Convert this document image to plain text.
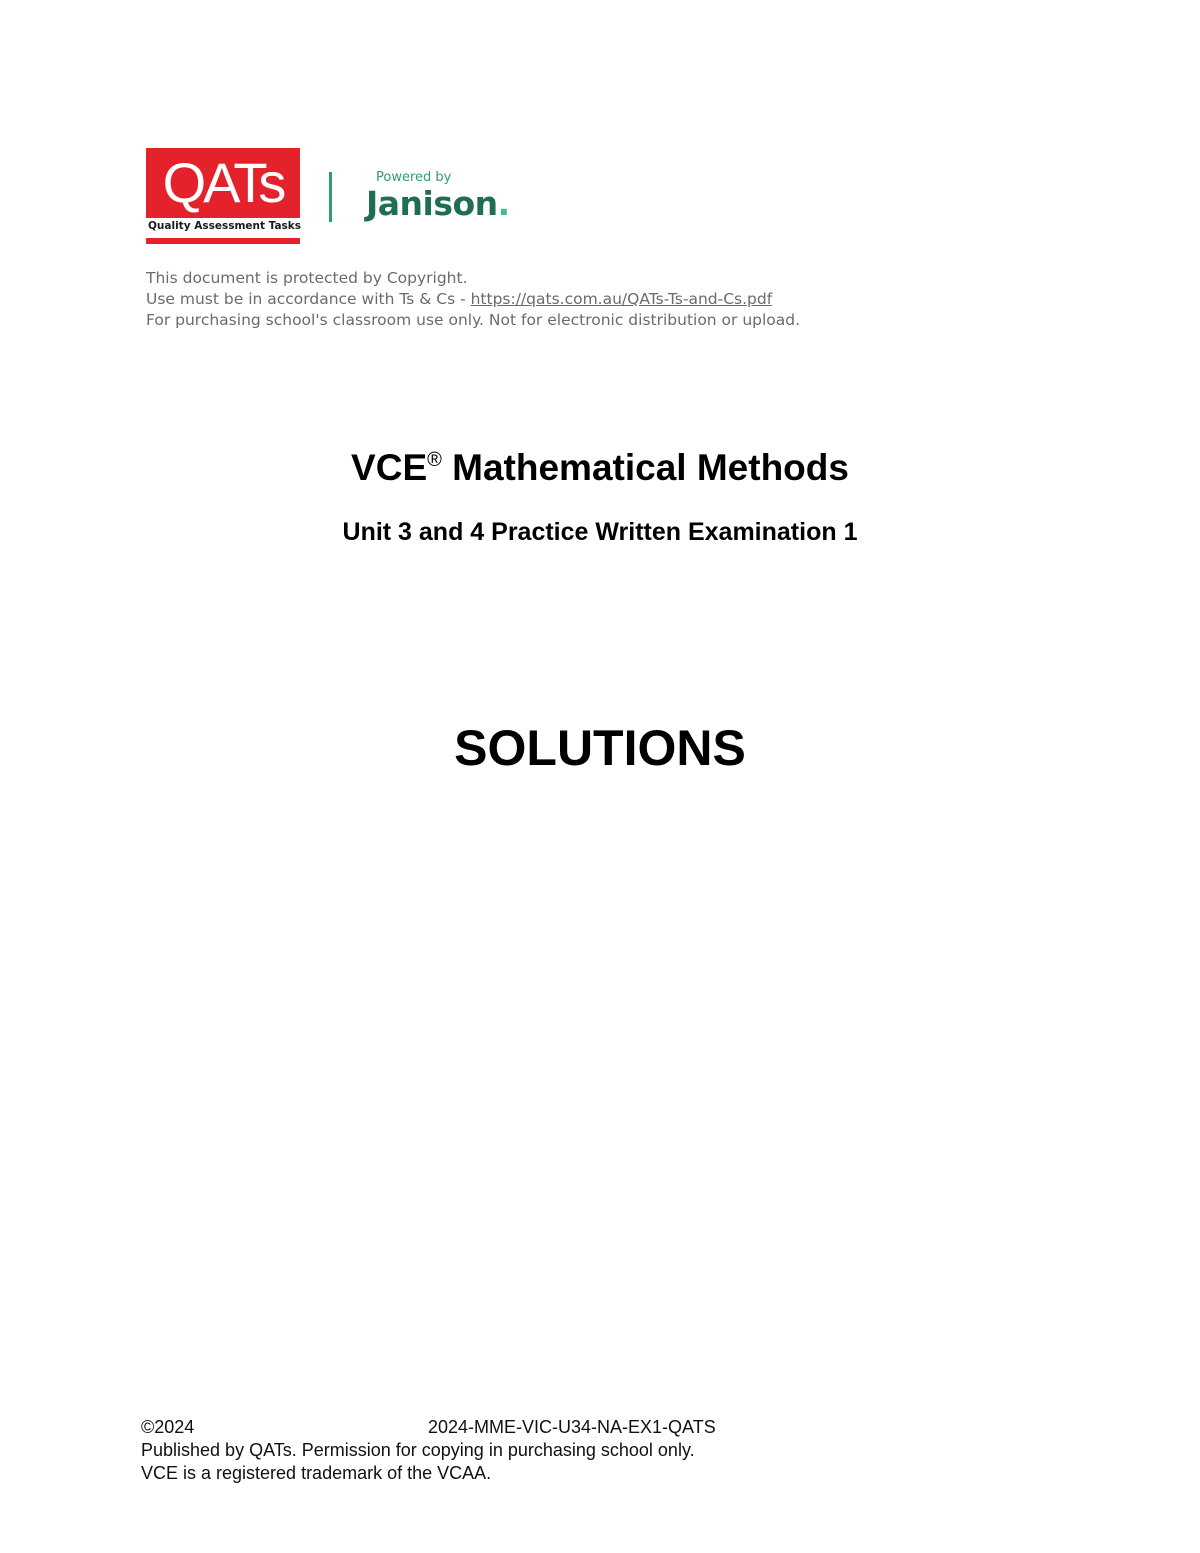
QATs
Quality Assessment Tasks
Powered by
Janison.
This document is protected by Copyright.
Use must be in accordance with Ts & Cs - https://qats.com.au/QATs-Ts-and-Cs.pdf
For purchasing school's classroom use only. Not for electronic distribution or upload.
VCE® Mathematical Methods
Unit 3 and 4 Practice Written Examination 1
SOLUTIONS
©2024	2024-MME-VIC-U34-NA-EX1-QATS
Published by QATs. Permission for copying in purchasing school only.
VCE is a registered trademark of the VCAA.
